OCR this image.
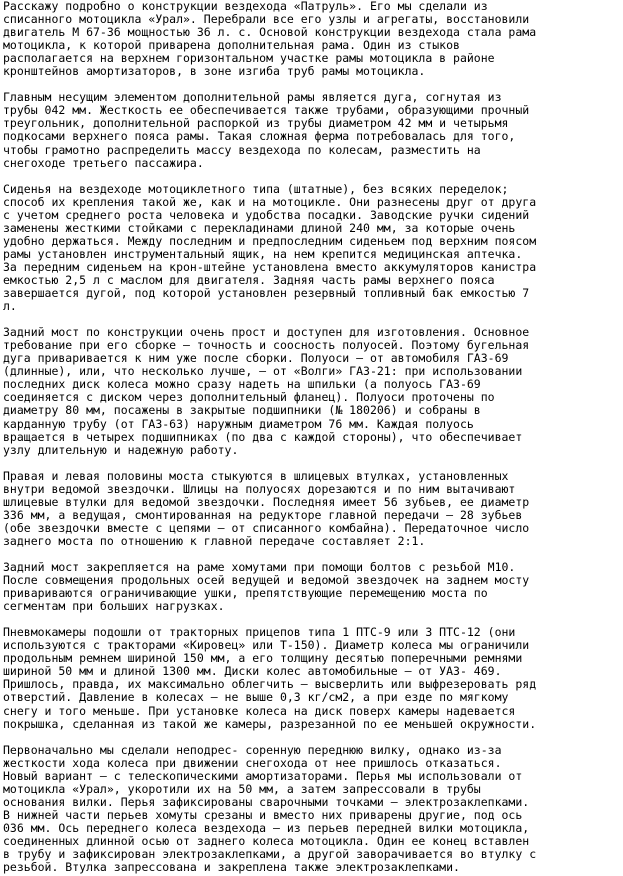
Расскажу подробно о конструкции вездехода «Патруль». Его мы сделали из
списанного мотоцикла «Урал». Перебрали все его узлы и агрегаты, восстановили
двигатель М 67-36 мощностью 36 л. с. Основой конструкции вездехода стала рама
мотоцикла, к которой приварена дополнительная рама. Один из стыков
располагается на верхнем горизонтальном участке рамы мотоцикла в районе
кронштейнов амортизаторов, в зоне изгиба труб рамы мотоцикла.
Главным несущим элементом дополнительной рамы является дуга, согнутая из
трубы 042 мм. Жесткость ее обеспечивается также трубами, образующими прочный
треугольник, дополнительной распоркой из трубы диаметром 42 мм и четырьмя
подкосами верхнего пояса рамы. Такая сложная ферма потребовалась для того,
чтобы грамотно распределить массу вездехода по колесам, разместить на
снегоходе третьего пассажира.
Сиденья на вездеходе мотоциклетного типа (штатные), без всяких переделок;
способ их крепления такой же, как и на мотоцикле. Они разнесены друг от друга
с учетом среднего роста человека и удобства посадки. Заводские ручки сидений
заменены жесткими стойками с перекладинами длиной 240 мм, за которые очень
удобно держаться. Между последним и предпоследним сиденьем под верхним поясом
рамы установлен инструментальный ящик, на нем крепится медицинская аптечка.
За передним сиденьем на крон-штейне установлена вместо аккумуляторов канистра
емкостью 2,5 л с маслом для двигателя. Задняя часть рамы верхнего пояса
завершается дугой, под которой установлен резервный топливный бак емкостью 7
л.
Задний мост по конструкции очень прост и доступен для изготовления. Основное
требование при его сборке – точность и соосность полуосей. Поэтому бугельная
дуга приваривается к ним уже после сборки. Полуоси – от автомобиля ГАЗ-69
(длинные), или, что несколько лучше, – от «Волги» ГАЗ-21: при использовании
последних диск колеса можно сразу надеть на шпильки (а полуось ГАЗ-69
соединяется с диском через дополнительный фланец). Полуоси проточены по
диаметру 80 мм, посажены в закрытые подшипники (№ 180206) и собраны в
карданную трубу (от ГАЗ-63) наружным диаметром 76 мм. Каждая полуось
вращается в четырех подшипниках (по два с каждой стороны), что обеспечивает
узлу длительную и надежную работу.
Правая и левая половины моста стыкуются в шлицевых втулках, установленных
внутри ведомой звездочки. Шлицы на полуосях дорезаются и по ним вытачивают
шлицевые втулки для ведомой звездочки. Последняя имеет 56 зубьев, ее диаметр
336 мм, а ведущая, смонтированная на редукторе главной передачи – 28 зубьев
(обе звездочки вместе с цепями – от списанного комбайна). Передаточное число
заднего моста по отношению к главной передаче составляет 2:1.
Задний мост закрепляется на раме хомутами при помощи болтов с резьбой М10.
После совмещения продольных осей ведущей и ведомой звездочек на заднем мосту
привариваются ограничивающие ушки, препятствующие перемещению моста по
сегментам при больших нагрузках.
Пневмокамеры подошли от тракторных прицепов типа 1 ПТС-9 или 3 ПТС-12 (они
используются с тракторами «Кировец» или Т-150). Диаметр колеса мы ограничили
продольным ремнем шириной 150 мм, а его толщину десятью поперечными ремнями
шириной 50 мм и длиной 1300 мм. Диски колес автомобильные – от УАЗ- 469.
Пришлось, правда, их максимально облегчить – высверлить или выфрезеровать ряд
отверстий. Давление в колесах – не выше 0,3 кг/см2, а при езде по мягкому
снегу и того меньше. При установке колеса на диск поверх камеры надевается
покрышка, сделанная из такой же камеры, разрезанной по ее меньшей окружности.
Первоначально мы сделали неподрес- соренную переднюю вилку, однако из-за
жесткости хода колеса при движении снегохода от нее пришлось отказаться.
Новый вариант – с телескопическими амортизаторами. Перья мы использовали от
мотоцикла «Урал», укоротили их на 50 мм, а затем запрессовали в трубы
основания вилки. Перья зафиксированы сварочными точками – электрозаклепками.
В нижней части перьев хомуты срезаны и вместо них приварены другие, под ось
036 мм. Ось переднего колеса вездехода – из перьев передней вилки мотоцикла,
соединенных длинной осью от заднего колеса мотоцикла. Один ее конец вставлен
в трубу и зафиксирован электрозаклепками, а другой заворачивается во втулку с
резьбой. Втулка запрессована и закреплена также электрозаклепками.
